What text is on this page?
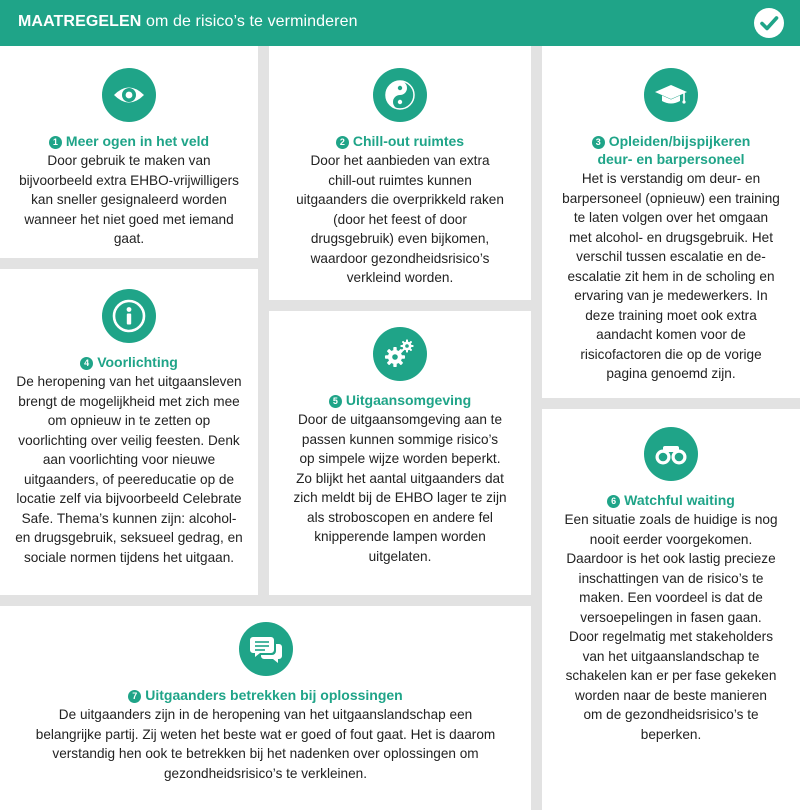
MAATREGELEN om de risico’s te verminderen
1 Meer ogen in het veld
Door gebruik te maken van bijvoorbeeld extra EHBO-vrijwilligers kan sneller gesignaleerd worden wanneer het niet goed met iemand gaat.
2 Chill-out ruimtes
Door het aanbieden van extra chill-out ruimtes kunnen uitgaanders die overprikkeld raken (door het feest of door drugsgebruik) even bijkomen, waardoor gezondheidsrisico’s verkleind worden.
3 Opleiden/bijspijkeren deur- en barpersoneel
Het is verstandig om deur- en barpersoneel (opnieuw) een training te laten volgen over het omgaan met alcohol- en drugsgebruik. Het verschil tussen escalatie en de-escalatie zit hem in de scholing en ervaring van je medewerkers. In deze training moet ook extra aandacht komen voor de risicofactoren die op de vorige pagina genoemd zijn.
4 Voorlichting
De heropening van het uitgaansleven brengt de mogelijkheid met zich mee om opnieuw in te zetten op voorlichting over veilig feesten. Denk aan voorlichting voor nieuwe uitgaanders, of peereducatie op de locatie zelf via bijvoorbeeld Celebrate Safe. Thema’s kunnen zijn: alcohol- en drugsgebruik, seksueel gedrag, en sociale normen tijdens het uitgaan.
5 Uitgaansomgeving
Door de uitgaansomgeving aan te passen kunnen sommige risico’s op simpele wijze worden beperkt. Zo blijkt het aantal uitgaanders dat zich meldt bij de EHBO lager te zijn als stroboscopen en andere fel knipperende lampen worden uitgelaten.
6 Watchful waiting
Een situatie zoals de huidige is nog nooit eerder voorgekomen. Daardoor is het ook lastig precieze inschattingen van de risico’s te maken. Een voordeel is dat de versoepelingen in fasen gaan. Door regelmatig met stakeholders van het uitgaanslandschap te schakelen kan er per fase gekeken worden naar de beste manieren om de gezondheidsrisico’s te beperken.
7 Uitgaanders betrekken bij oplossingen
De uitgaanders zijn in de heropening van het uitgaanslandschap een belangrijke partij. Zij weten het beste wat er goed of fout gaat. Het is daarom verstandig hen ook te betrekken bij het nadenken over oplossingen om gezondheidsrisico’s te verkleinen.
